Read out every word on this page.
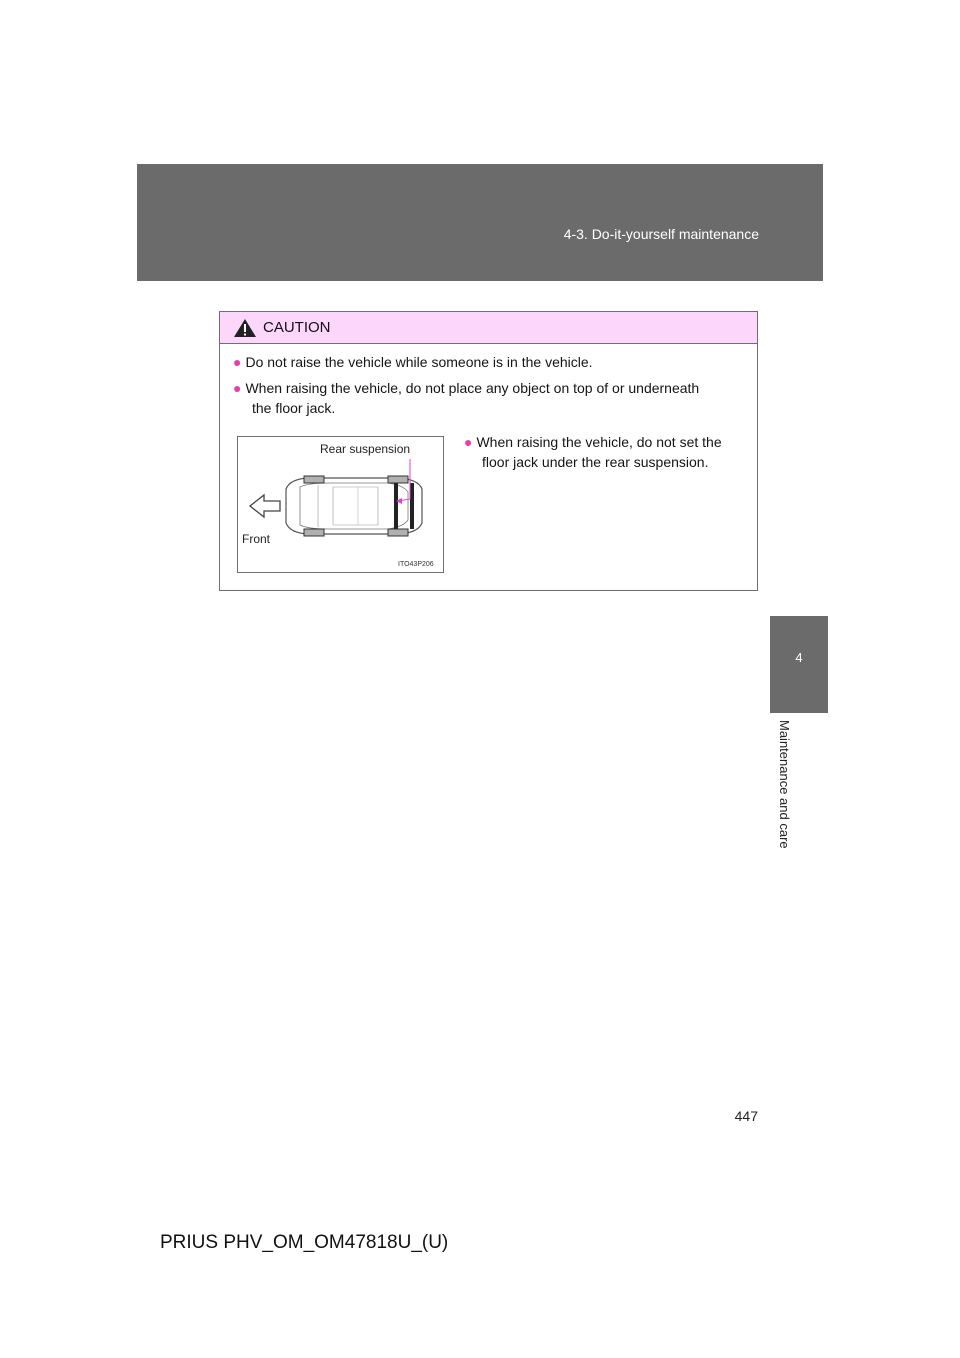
4-3. Do-it-yourself maintenance
4
Maintenance and care
CAUTION
● Do not raise the vehicle while someone is in the vehicle.
● When raising the vehicle, do not place any object on top of or underneath
the floor jack.
Rear suspension
Front
ITO43P206
● When raising the vehicle, do not set the
floor jack under the rear suspension.
447
PRIUS PHV_OM_OM47818U_(U)
